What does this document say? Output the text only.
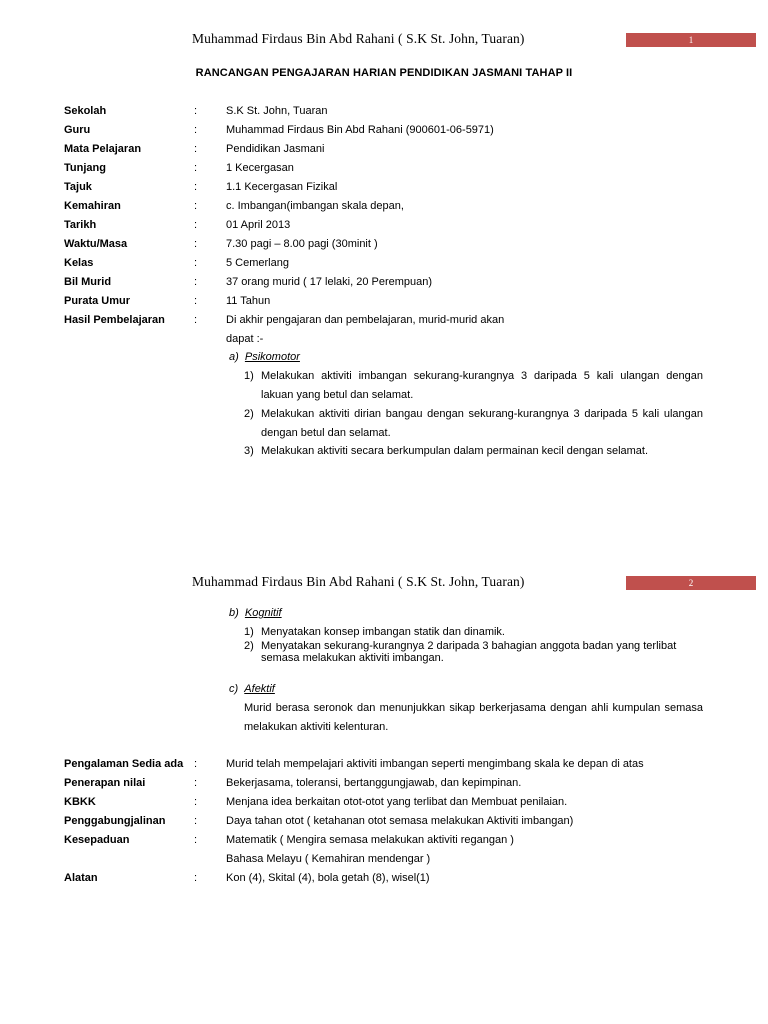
Muhammad Firdaus Bin Abd Rahani ( S.K St. John, Tuaran)	1
RANCANGAN PENGAJARAN HARIAN PENDIDIKAN JASMANI TAHAP II
Sekolah	:	S.K St. John, Tuaran
Guru	:	Muhammad Firdaus Bin Abd Rahani (900601-06-5971)
Mata Pelajaran	:	Pendidikan Jasmani
Tunjang	:	1 Kecergasan
Tajuk	:	1.1 Kecergasan Fizikal
Kemahiran	:	c. Imbangan(imbangan skala depan,
Tarikh	:	01 April 2013
Waktu/Masa	:	7.30 pagi – 8.00 pagi (30minit )
Kelas	:	5 Cemerlang
Bil Murid	:	37 orang murid ( 17 lelaki, 20 Perempuan)
Purata Umur	:	11 Tahun
Hasil Pembelajaran	:	Di akhir pengajaran dan pembelajaran, murid-murid akan
dapat :-
a) Psikomotor
1) Melakukan aktiviti imbangan sekurang-kurangnya 3 daripada 5 kali ulangan dengan
lakuan yang betul dan selamat.
2) Melakukan aktiviti dirian bangau dengan sekurang-kurangnya 3 daripada 5 kali ulangan
dengan betul dan selamat.
3) Melakukan aktiviti secara berkumpulan dalam permainan kecil dengan selamat.
Muhammad Firdaus Bin Abd Rahani ( S.K St. John, Tuaran)	2
b) Kognitif
1) Menyatakan konsep imbangan statik dan dinamik.
2) Menyatakan sekurang-kurangnya 2 daripada 3 bahagian anggota badan yang terlibat
semasa melakukan aktiviti imbangan.
c) Afektif
Murid berasa seronok dan menunjukkan sikap berkerjasama dengan ahli kumpulan semasa
melakukan aktiviti kelenturan.
Pengalaman Sedia ada :	Murid telah mempelajari aktiviti imbangan seperti mengimbang skala ke depan di atas
Penerapan nilai	:	Bekerjasama, toleransi, bertanggungjawab, dan kepimpinan.
KBKK	:	Menjana idea berkaitan otot-otot yang terlibat dan Membuat penilaian.
Penggabungjalinan	:	Daya tahan otot ( ketahanan otot semasa melakukan Aktiviti imbangan)
Kesepaduan	:	Matematik ( Mengira semasa melakukan aktiviti regangan )
Bahasa Melayu ( Kemahiran mendengar )
Alatan	:	Kon (4), Skital (4), bola getah (8), wisel(1)
